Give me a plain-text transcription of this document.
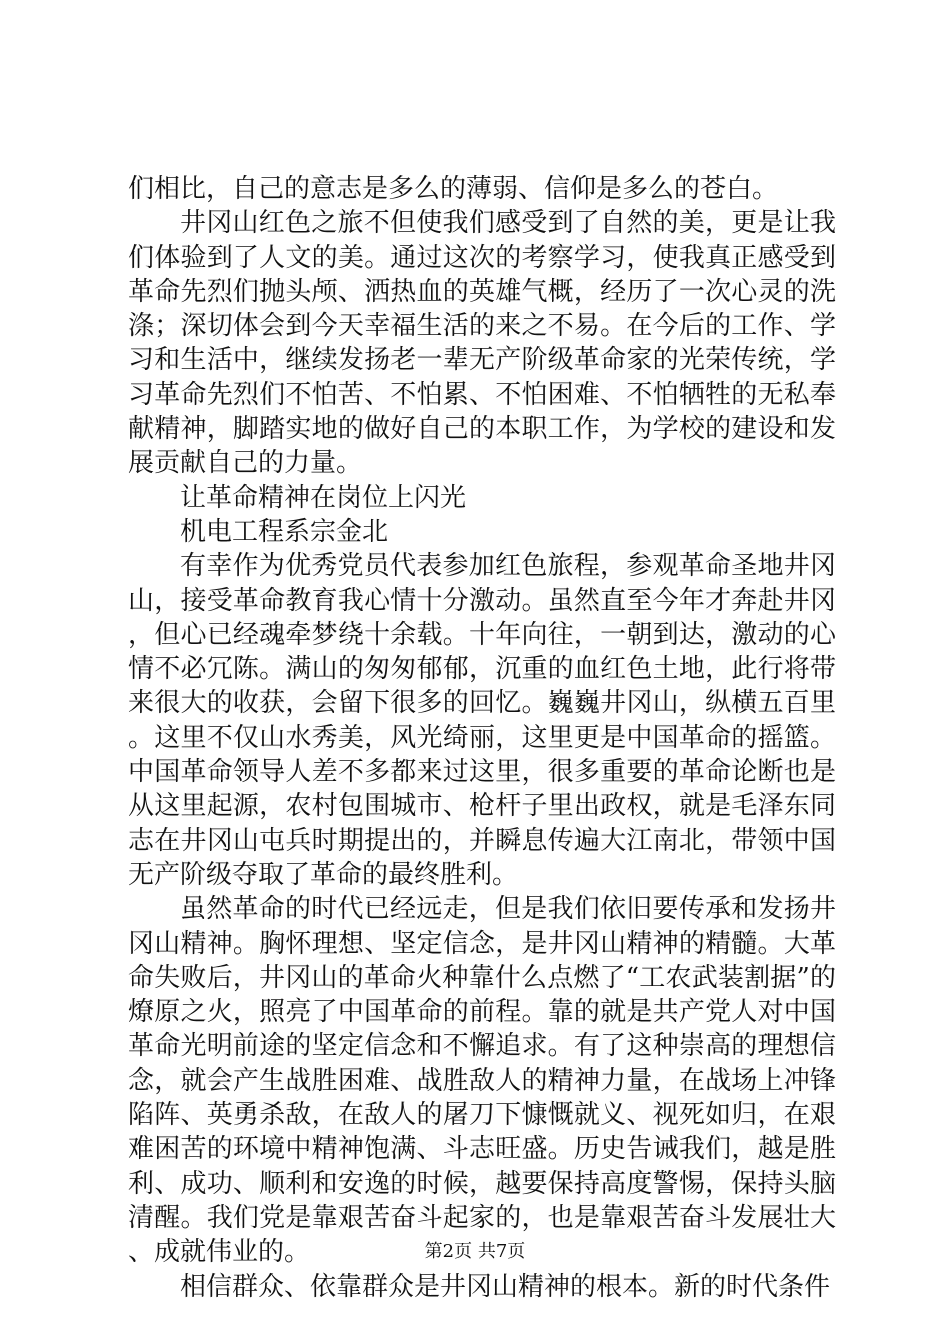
们相比，自己的意志是多么的薄弱、信仰是多么的苍白。

井冈山红色之旅不但使我们感受到了自然的美，更是让我们体验到了人文的美。通过这次的考察学习，使我真正感受到革命先烈们抛头颅、洒热血的英雄气概，经历了一次心灵的洗涤；深切体会到今天幸福生活的来之不易。在今后的工作、学习和生活中，继续发扬老一辈无产阶级革命家的光荣传统，学习革命先烈们不怕苦、不怕累、不怕困难、不怕牺牲的无私奉献精神，脚踏实地的做好自己的本职工作，为学校的建设和发展贡献自己的力量。

让革命精神在岗位上闪光

机电工程系宗金北

有幸作为优秀党员代表参加红色旅程，参观革命圣地井冈山，接受革命教育我心情十分激动。虽然直至今年才奔赴井冈，但心已经魂牵梦绕十余载。十年向往，一朝到达，激动的心情不必冗陈。满山的匆匆郁郁，沉重的血红色土地，此行将带来很大的收获，会留下很多的回忆。巍巍井冈山，纵横五百里。这里不仅山水秀美，风光绮丽，这里更是中国革命的摇篮。中国革命领导人差不多都来过这里，很多重要的革命论断也是从这里起源，农村包围城市、枪杆子里出政权，就是毛泽东同志在井冈山屯兵时期提出的，并瞬息传遍大江南北，带领中国无产阶级夺取了革命的最终胜利。

虽然革命的时代已经远走，但是我们依旧要传承和发扬井冈山精神。胸怀理想、坚定信念，是井冈山精神的精髓。大革命失败后，井冈山的革命火种靠什么点燃了“工农武装割据”的燎原之火，照亮了中国革命的前程。靠的就是共产党人对中国革命光明前途的坚定信念和不懈追求。有了这种崇高的理想信念，就会产生战胜困难、战胜敌人的精神力量，在战场上冲锋陷阵、英勇杀敌，在敌人的屠刀下慷慨就义、视死如归，在艰难困苦的环境中精神饱满、斗志旺盛。历史告诫我们，越是胜利、成功、顺利和安逸的时候，越要保持高度警惕，保持头脑清醒。我们党是靠艰苦奋斗起家的，也是靠艰苦奋斗发展壮大、成就伟业的。

相信群众、依靠群众是井冈山精神的根本。新的时代条件

第2页 共7页
